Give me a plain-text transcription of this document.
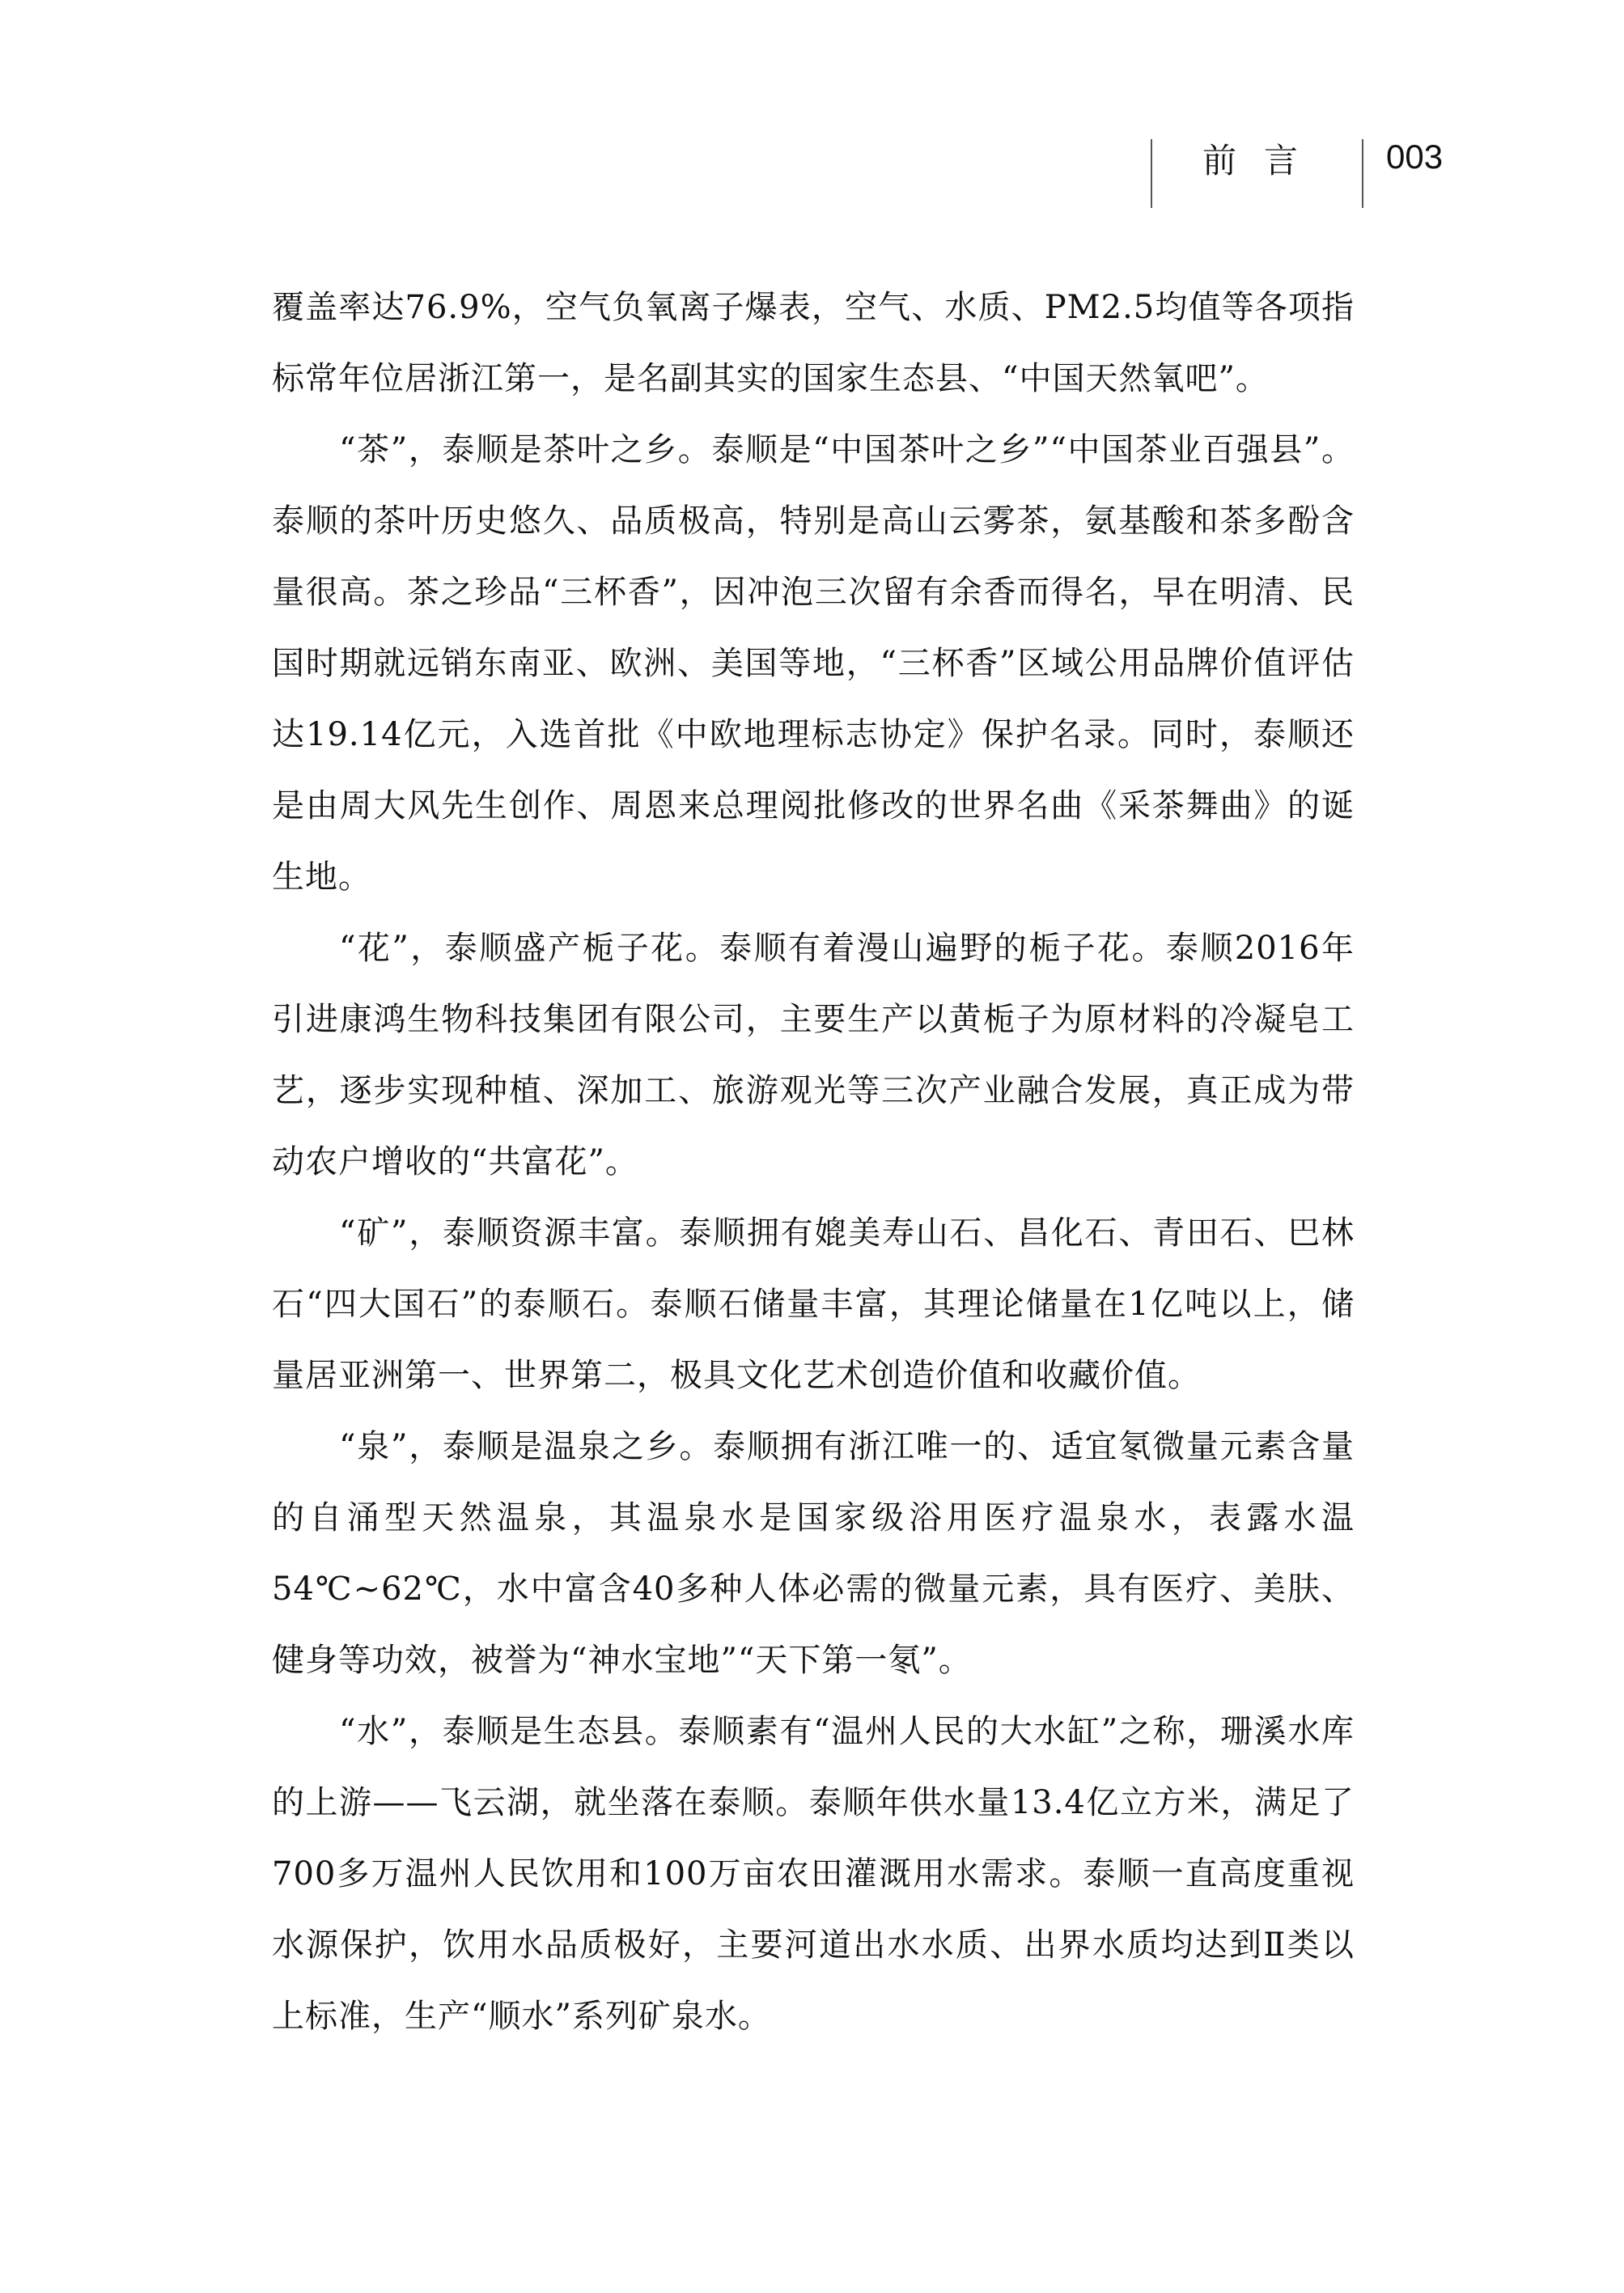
前言 003

覆盖率达76.9%，空气负氧离子爆表，空气、水质、PM2.5均值等各项指标常年位居浙江第一，是名副其实的国家生态县、“中国天然氧吧”。

“茶”，泰顺是茶叶之乡。泰顺是“中国茶叶之乡”“中国茶业百强县”。泰顺的茶叶历史悠久、品质极高，特别是高山云雾茶，氨基酸和茶多酚含量很高。茶之珍品“三杯香”，因冲泡三次留有余香而得名，早在明清、民国时期就远销东南亚、欧洲、美国等地，“三杯香”区域公用品牌价值评估达19.14亿元，入选首批《中欧地理标志协定》保护名录。同时，泰顺还是由周大风先生创作、周恩来总理阅批修改的世界名曲《采茶舞曲》的诞生地。

“花”，泰顺盛产栀子花。泰顺有着漫山遍野的栀子花。泰顺2016年引进康鸿生物科技集团有限公司，主要生产以黄栀子为原材料的冷凝皂工艺，逐步实现种植、深加工、旅游观光等三次产业融合发展，真正成为带动农户增收的“共富花”。

“矿”，泰顺资源丰富。泰顺拥有媲美寿山石、昌化石、青田石、巴林石“四大国石”的泰顺石。泰顺石储量丰富，其理论储量在1亿吨以上，储量居亚洲第一、世界第二，极具文化艺术创造价值和收藏价值。

“泉”，泰顺是温泉之乡。泰顺拥有浙江唯一的、适宜氡微量元素含量的自涌型天然温泉，其温泉水是国家级浴用医疗温泉水，表露水温54℃~62℃，水中富含40多种人体必需的微量元素，具有医疗、美肤、健身等功效，被誉为“神水宝地”“天下第一氡”。

“水”，泰顺是生态县。泰顺素有“温州人民的大水缸”之称，珊溪水库的上游——飞云湖，就坐落在泰顺。泰顺年供水量13.4亿立方米，满足了700多万温州人民饮用和100万亩农田灌溉用水需求。泰顺一直高度重视水源保护，饮用水品质极好，主要河道出水水质、出界水质均达到Ⅱ类以上标准，生产“顺水”系列矿泉水。
